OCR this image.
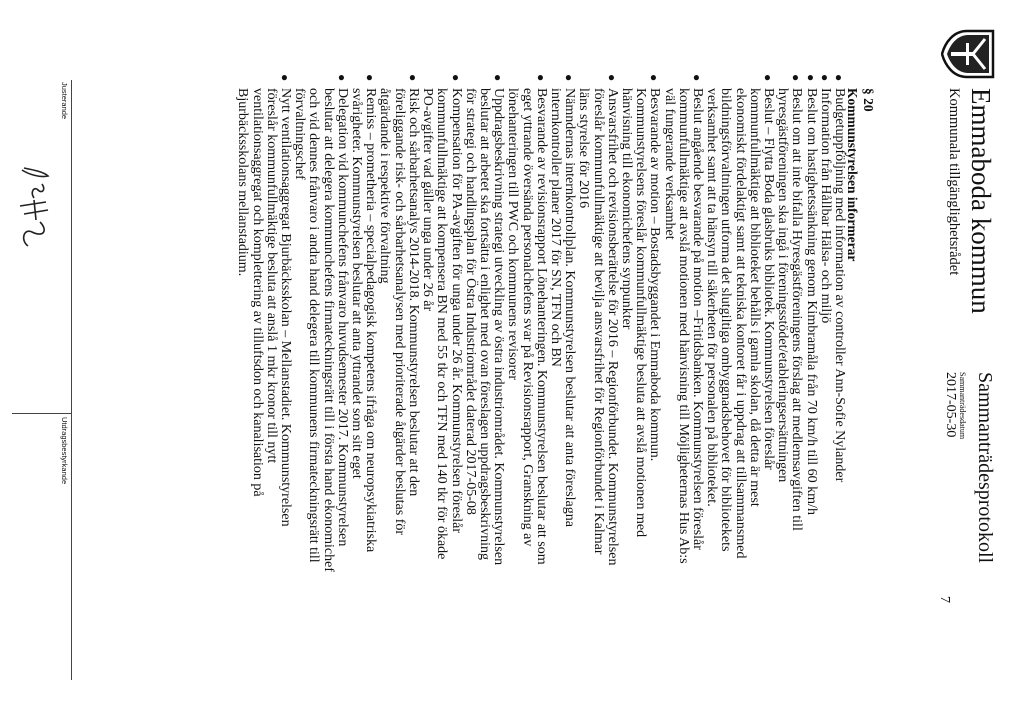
Emmaboda kommun
Kommunala tillgänglighetsrådet
Sammanträdesprotokoll
Sammanträdesdatum
2017-05-30
7
§ 20
Kommunstyrelsen informerar
●
Budgetuppföljning med information av controller Ann-Sofie Nylander
●
Information från Hållbar Hälsa- och miljö
●
Beslut om hastighetssänkning genom Kimbramåla från 70 km/h till 60 km/h
●
Beslut om att inte bifalla Hyresgästföreningens förslag att medlemsavgiften till
hyresgästföreningen ska ingå i föreningsstödet/etableringsersättningen
●
Beslut – Flytta Boda glasbruks bibliotek. Kommunstyrelsen föreslår
kommunfullmäktige att biblioteket behålls i gamla skolan, då detta är mest
ekonomiskt fördelaktigt samt att tekniska kontoret får i uppdrag att tillsammansmed
bildningsförvaltningen utforma det slutgiltiga ombyggnadsbehovet för bibliotekets
verksamhet samt att ta hänsyn till säkerheten för personalen på biblioteket.
●
Beslut angående besvarande på motion –Fritidsbanken. Kommunstyrelsen föreslår
kommunfullmäktige att avslå motionen med hänvisning till Möjligheternas Hus Ab:s
väl fungerande verksamhet
●
Besvarande av motion – Bostadsbyggandet i Emmaboda kommun.
Kommunstyrelsens föreslår kommunfullmäktige besluta att avslå motionen med
hänvisning till ekonomichefens synpunkter
●
Ansvarsfrihet och revisionsberättelse för 2016 – Regionförbundet. Kommunstyrelsen
föreslår kommunfullmäktige att bevilja ansvarsfrihet för Regionförbundet i Kalmar
läns styrelse för 2016
●
Nämndernas internkontrollplan. Kommunstyrelsen beslutar att anta föreslagna
internkontroller planer 2017 för SN, TFN och BN
●
Besvarande av revisionsrapport Lönehanteringen. Kommunstyrelsen beslutar att som
eget yttrande översända personalchefens svar på Revisionsrapport, Granskning av
lönehanteringen till PWC och kommunens revisorer
●
Uppdragsbeskrivning strategi utveckling av östra industriområdet. Kommunstyrelsen
beslutar att arbetet ska fortsätta i enlighet med ovan föreslagen uppdragsbeskrivning
för strategi och handlingsplan för Östra Industriområdet daterad 2017-05-08
●
Kompensation för PA-avgiften för unga under 26 år. Kommunstyrelsen föreslår
kommunfullmäktige att kompensera BN med 55 tkr och TFN med 140 tkr för ökade
PO-avgifter vad gäller unga under 26 år
●
Risk och sårbarhetsanalys 2014-2018. Kommunstyrelsen beslutar att den
föreliggande risk- och sårbarhetsanalysen med prioriterade åtgärder beslutas för
åtgärdande i respektive förvaltning
●
Remiss – prometheria – specialpedagogisk kompetens ifråga om neuropsykiatriska
svårigheter. Kommunstyrelsen beslutar att anta yttrandet som sitt eget
●
Delegation vid kommunchefens frånvaro huvudsemester 2017. Kommunstyrelsen
beslutar att delegera kommunchefens firmateckningsrätt till i första hand ekonomichef
och vid dennes frånvaro i andra hand delegera till kommunens firmateckningsrätt till
förvaltningschef
●
Nytt ventilationsaggregat Bjurbäcksskolan – Mellanstadiet. Kommunstyrelsen
föreslår kommunfullmäktige besluta att anslå 1 mkr kronor till nytt
ventilationsaggregat och komplettering av tilluftsdon och kanalisation på
Bjurbäcksskolans mellanstadium.
Justerande
Utdragsbestyrkande
